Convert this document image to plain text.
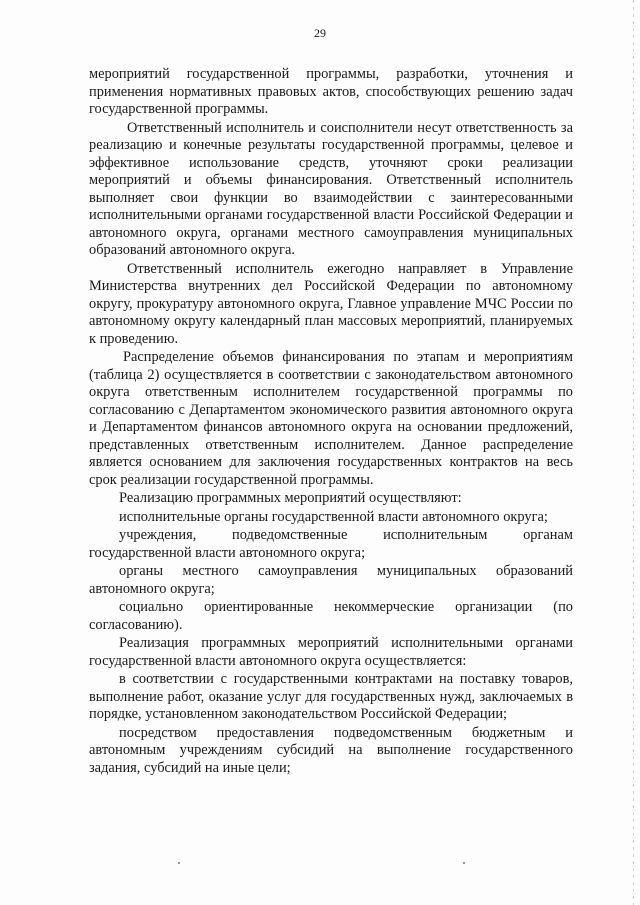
29

мероприятий государственной программы, разработки, уточнения и применения нормативных правовых актов, способствующих решению задач государственной программы.

Ответственный исполнитель и соисполнители несут ответственность за реализацию и конечные результаты государственной программы, целевое и эффективное использование средств, уточняют сроки реализации мероприятий и объемы финансирования. Ответственный исполнитель выполняет свои функции во взаимодействии с заинтересованными исполнительными органами государственной власти Российской Федерации и автономного округа, органами местного самоуправления муниципальных образований автономного округа.

Ответственный исполнитель ежегодно направляет в Управление Министерства внутренних дел Российской Федерации по автономному округу, прокуратуру автономного округа, Главное управление МЧС России по автономному округу календарный план массовых мероприятий, планируемых к проведению.

Распределение объемов финансирования по этапам и мероприятиям (таблица 2) осуществляется в соответствии с законодательством автономного округа ответственным исполнителем государственной программы по согласованию с Департаментом экономического развития автономного округа и Департаментом финансов автономного округа на основании предложений, представленных ответственным исполнителем. Данное распределение является основанием для заключения государственных контрактов на весь срок реализации государственной программы.

Реализацию программных мероприятий осуществляют:

исполнительные органы государственной власти автономного округа;

учреждения, подведомственные исполнительным органам государственной власти автономного округа;

органы местного самоуправления муниципальных образований автономного округа;

социально ориентированные некоммерческие организации (по согласованию).

Реализация программных мероприятий исполнительными органами государственной власти автономного округа осуществляется:

в соответствии с государственными контрактами на поставку товаров, выполнение работ, оказание услуг для государственных нужд, заключаемых в порядке, установленном законодательством Российской Федерации;

посредством предоставления подведомственным бюджетным и автономным учреждениям субсидий на выполнение государственного задания, субсидий на иные цели;
